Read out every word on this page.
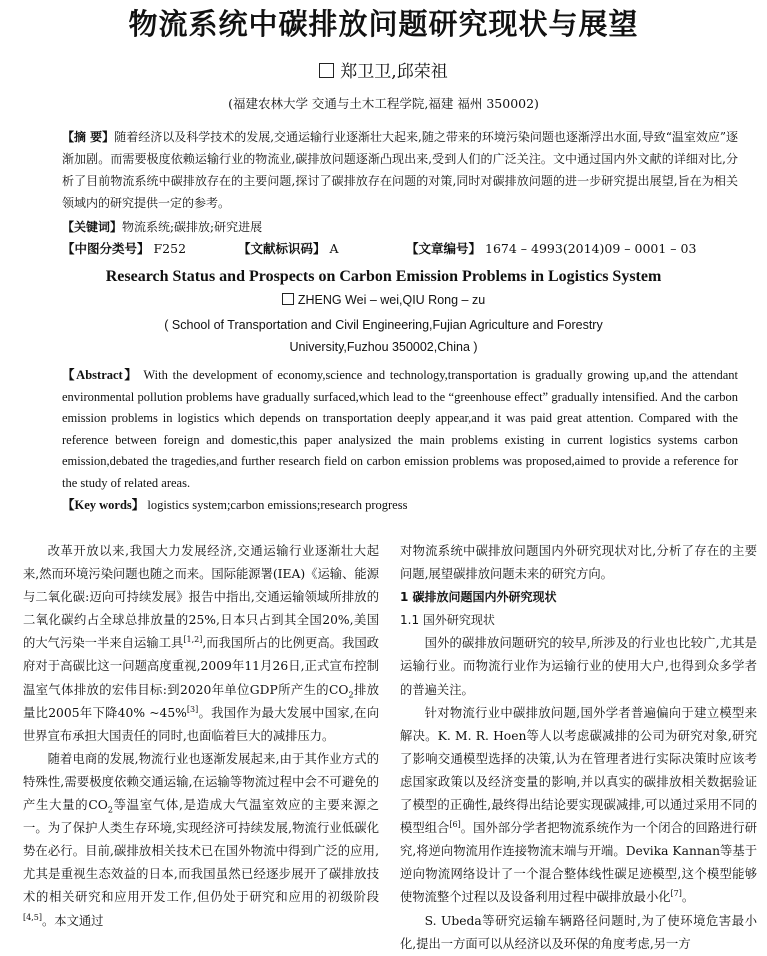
物流系统中碳排放问题研究现状与展望
郑卫卫,邱荣祖
(福建农林大学 交通与土木工程学院,福建 福州 350002)
【摘 要】随着经济以及科学技术的发展,交通运输行业逐渐壮大起来,随之带来的环境污染问题也逐渐浮出水面,导致“温室效应”逐渐加剧。而需要极度依赖运输行业的物流业,碳排放问题逐渐凸现出来,受到人们的广泛关注。文中通过国内外文献的详细对比,分析了目前物流系统中碳排放存在的主要问题,探讨了碳排放存在问题的对策,同时对碳排放问题的进一步研究提出展望,旨在为相关领域内的研究提供一定的参考。
【关键词】物流系统;碳排放;研究进展
【中图分类号】 F252	【文献标识码】 A	【文章编号】 1674 – 4993(2014)09 – 0001 – 03
Research Status and Prospects on Carbon Emission Problems in Logistics System
ZHENG Wei – wei,QIU Rong – zu
( School of Transportation and Civil Engineering,Fujian Agriculture and Forestry
University,Fuzhou 350002,China )
【Abstract】 With the development of economy,science and technology,transportation is gradually growing up,and the attendant environmental pollution problems have gradually surfaced,which lead to the “greenhouse effect” gradually intensified. And the carbon emission problems in logistics which depends on transportation deeply appear,and it was paid great attention. Compared with the reference between foreign and domestic,this paper analysized the main problems existing in current logistics systems carbon emission,debated the tragedies,and further research field on carbon emission problems was proposed,aimed to provide a reference for the study of related areas.
【Key words】 logistics system;carbon emissions;research progress

改革开放以来,我国大力发展经济,交通运输行业逐渐壮大起来,然而环境污染问题也随之而来。国际能源署(IEA)《运输、能源与二氧化碳:迈向可持续发展》报告中指出,交通运输领域所排放的二氧化碳约占全球总排放量的25%,日本只占到其全国20%,美国的大气污染一半来自运输工具[1,2],而我国所占的比例更高。我国政府对于高碳比这一问题高度重视,2009年11月26日,正式宣布控制温室气体排放的宏伟目标:到2020年单位GDP所产生的$CO_2$排放量比2005年下降40% ~45%[3]。我国作为最大发展中国家,在向世界宣布承担大国责任的同时,也面临着巨大的减排压力。

随着电商的发展,物流行业也逐渐发展起来,由于其作业方式的特殊性,需要极度依赖交通运输,在运输等物流过程中会不可避免的产生大量的$CO_2$等温室气体,是造成大气温室效应的主要来源之一。为了保护人类生存环境,实现经济可持续发展,物流行业低碳化势在必行。目前,碳排放相关技术已在国外物流中得到广泛的应用,尤其是重视生态效益的日本,而我国虽然已经逐步展开了碳排放技术的相关研究和应用开发工作,但仍处于研究和应用的初级阶段[4,5]。本文通过

对物流系统中碳排放问题国内外研究现状对比,分析了存在的主要问题,展望碳排放问题未来的研究方向。

1 碳排放问题国内外研究现状

1.1 国外研究现状

国外的碳排放问题研究的较早,所涉及的行业也比较广,尤其是运输行业。而物流行业作为运输行业的使用大户,也得到众多学者的普遍关注。

针对物流行业中碳排放问题,国外学者普遍偏向于建立模型来解决。K. M. R. Hoen等人以考虑碳减排的公司为研究对象,研究了影响交通模型选择的决策,认为在管理者进行实际决策时应该考虑国家政策以及经济变量的影响,并以真实的碳排放相关数据验证了模型的正确性,最终得出结论要实现碳减排,可以通过采用不同的模型组合[6]。国外部分学者把物流系统作为一个闭合的回路进行研究,将逆向物流用作连接物流末端与开端。Devika Kannan等基于逆向物流网络设计了一个混合整体线性碳足迹模型,这个模型能够使物流整个过程以及设备利用过程中碳排放最小化[7]。

S. Ubeda等研究运输车辆路径问题时,为了使环境危害最小化,提出一方面可以从经济以及环保的角度考虑,另一方
